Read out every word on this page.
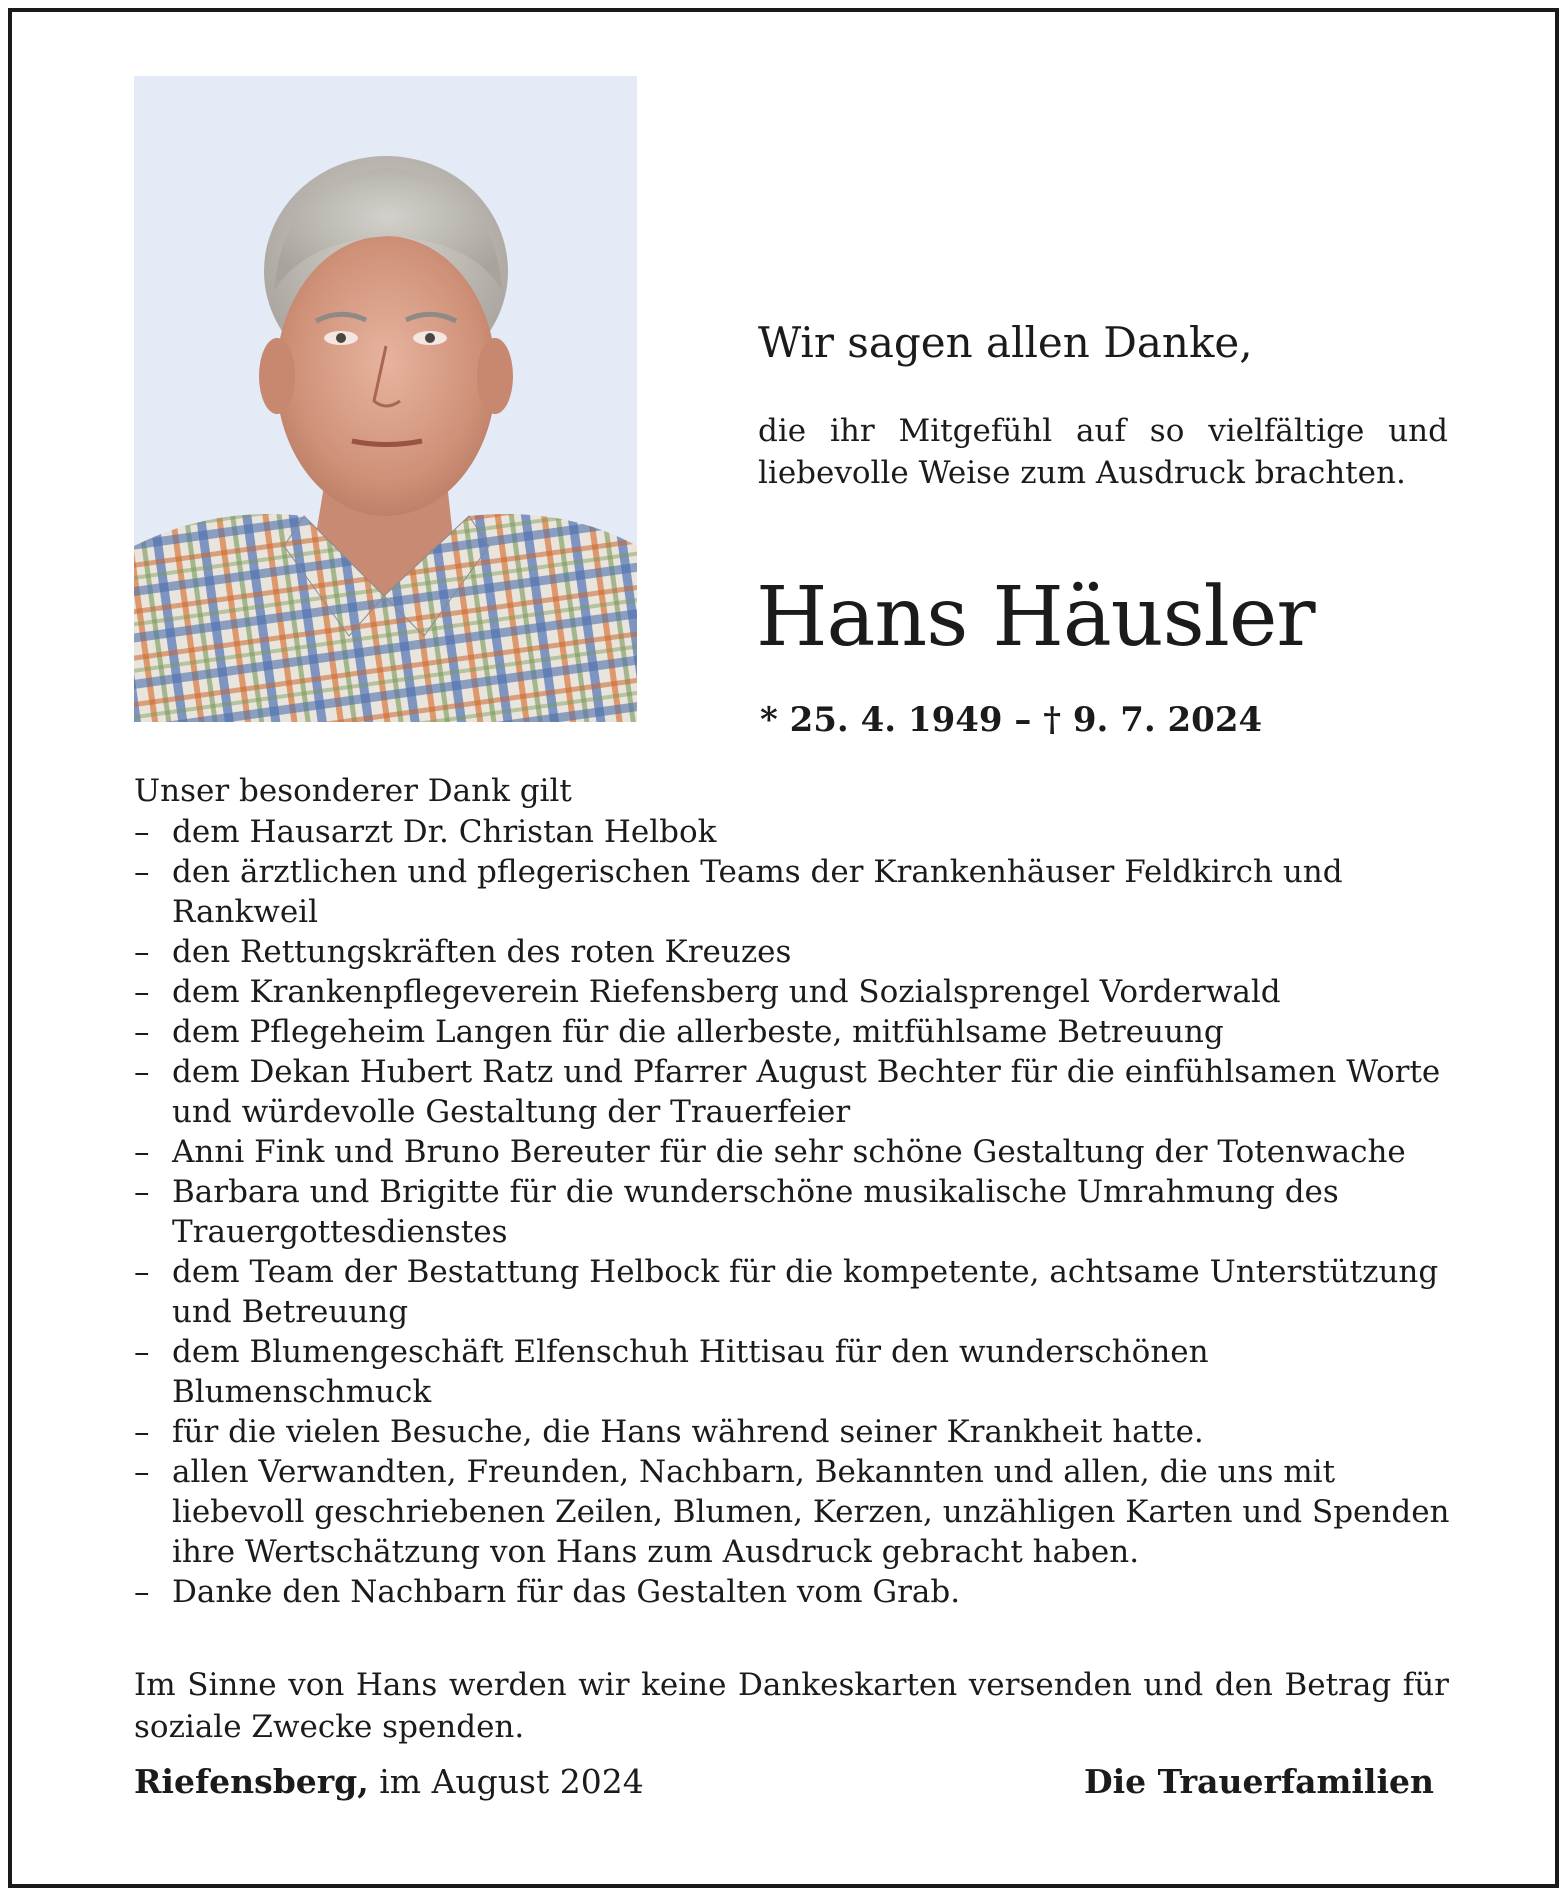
Wir sagen allen Danke,

die ihr Mitgefühl auf so vielfältige und
liebevolle Weise zum Ausdruck brachten.

Hans Häusler

* 25. 4. 1949 – † 9. 7. 2024

Unser besonderer Dank gilt

– dem Hausarzt Dr. Christan Helbok
– den ärztlichen und pflegerischen Teams der Krankenhäuser Feldkirch und Rankweil
– den Rettungskräften des roten Kreuzes
– dem Krankenpflegeverein Riefensberg und Sozialsprengel Vorderwald
– dem Pflegeheim Langen für die allerbeste, mitfühlsame Betreuung
– dem Dekan Hubert Ratz und Pfarrer August Bechter für die einfühlsamen Worte und würdevolle Gestaltung der Trauerfeier
– Anni Fink und Bruno Bereuter für die sehr schöne Gestaltung der Totenwache
– Barbara und Brigitte für die wunderschöne musikalische Umrahmung des Trauergottesdienstes
– dem Team der Bestattung Helbock für die kompetente, achtsame Unterstützung und Betreuung
– dem Blumengeschäft Elfenschuh Hittisau für den wunderschönen Blumenschmuck
– für die vielen Besuche, die Hans während seiner Krankheit hatte.
– allen Verwandten, Freunden, Nachbarn, Bekannten und allen, die uns mit liebevoll geschriebenen Zeilen, Blumen, Kerzen, unzähligen Karten und Spenden ihre Wertschätzung von Hans zum Ausdruck gebracht haben.
– Danke den Nachbarn für das Gestalten vom Grab.

Im Sinne von Hans werden wir keine Dankeskarten versenden und den Betrag für soziale Zwecke spenden.

Riefensberg, im August 2024	Die Trauerfamilien
